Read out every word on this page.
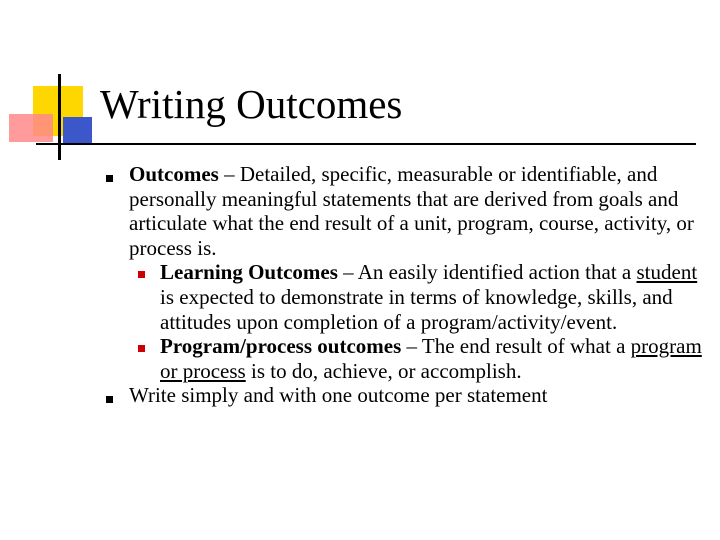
Writing Outcomes
Outcomes – Detailed, specific, measurable or identifiable, and personally meaningful statements that are derived from goals and articulate what the end result of a unit, program, course, activity, or process is.
Learning Outcomes – An easily identified action that a student is expected to demonstrate in terms of knowledge, skills, and attitudes upon completion of a program/activity/event.
Program/process outcomes – The end result of what a program or process is to do, achieve, or accomplish.
Write simply and with one outcome per statement
